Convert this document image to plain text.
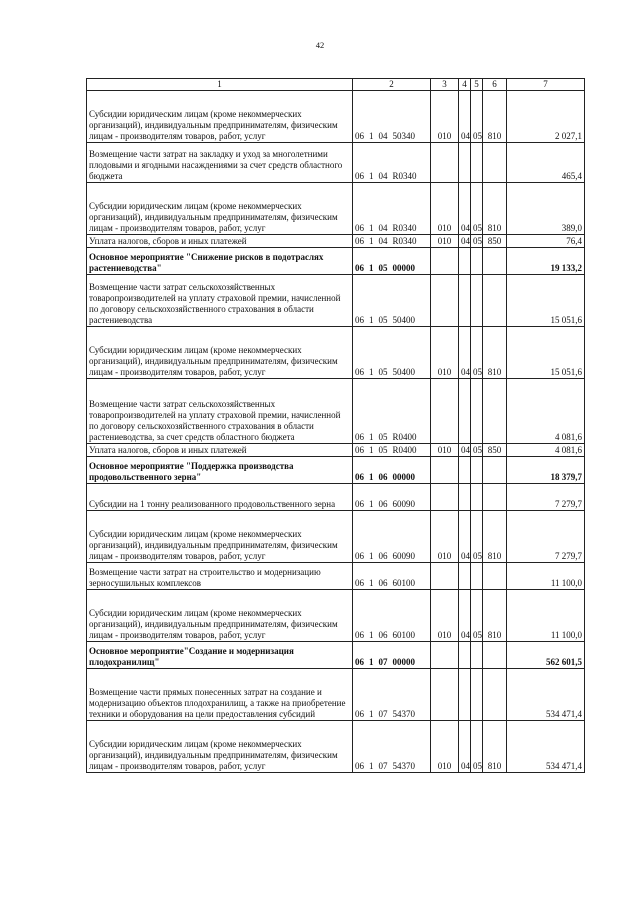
42
1	2	3	4	5	6	7
Субсидии юридическим лицам (кроме некоммерческих организаций), индивидуальным предпринимателям, физическим лицам - производителям товаров, работ, услуг	06 1 04 50340	010	04	05	810	2 027,1
Возмещение части затрат на закладку и уход за многолетними плодовыми и ягодными насаждениями за счет средств областного бюджета	06 1 04 R0340					465,4
Субсидии юридическим лицам (кроме некоммерческих организаций), индивидуальным предпринимателям, физическим лицам - производителям товаров, работ, услуг	06 1 04 R0340	010	04	05	810	389,0
Уплата налогов, сборов и иных платежей	06 1 04 R0340	010	04	05	850	76,4
Основное мероприятие "Снижение рисков в подотраслях растениеводства"	06 1 05 00000					19 133,2
Возмещение части затрат сельскохозяйственных товаропроизводителей на уплату страховой премии, начисленной по договору сельскохозяйственного страхования в области растениеводства	06 1 05 50400					15 051,6
Субсидии юридическим лицам (кроме некоммерческих организаций), индивидуальным предпринимателям, физическим лицам - производителям товаров, работ, услуг	06 1 05 50400	010	04	05	810	15 051,6
Возмещение части затрат сельскохозяйственных товаропроизводителей на уплату страховой премии, начисленной по договору сельскохозяйственного страхования в области растениеводства, за счет средств областного бюджета	06 1 05 R0400					4 081,6
Уплата налогов, сборов и иных платежей	06 1 05 R0400	010	04	05	850	4 081,6
Основное мероприятие "Поддержка производства продовольственного зерна"	06 1 06 00000					18 379,7
Субсидии на 1 тонну реализованного продовольственного зерна	06 1 06 60090					7 279,7
Субсидии юридическим лицам (кроме некоммерческих организаций), индивидуальным предпринимателям, физическим лицам - производителям товаров, работ, услуг	06 1 06 60090	010	04	05	810	7 279,7
Возмещение части затрат на строительство и модернизацию зерносушильных комплексов	06 1 06 60100					11 100,0
Субсидии юридическим лицам (кроме некоммерческих организаций), индивидуальным предпринимателям, физическим лицам - производителям товаров, работ, услуг	06 1 06 60100	010	04	05	810	11 100,0
Основное мероприятие"Создание и модернизация плодохранилищ"	06 1 07 00000					562 601,5
Возмещение части прямых понесенных затрат на создание и модернизацию объектов плодохранилищ, а также на приобретение техники и оборудования на цели предоставления субсидий	06 1 07 54370					534 471,4
Субсидии юридическим лицам (кроме некоммерческих организаций), индивидуальным предпринимателям, физическим лицам - производителям товаров, работ, услуг	06 1 07 54370	010	04	05	810	534 471,4
